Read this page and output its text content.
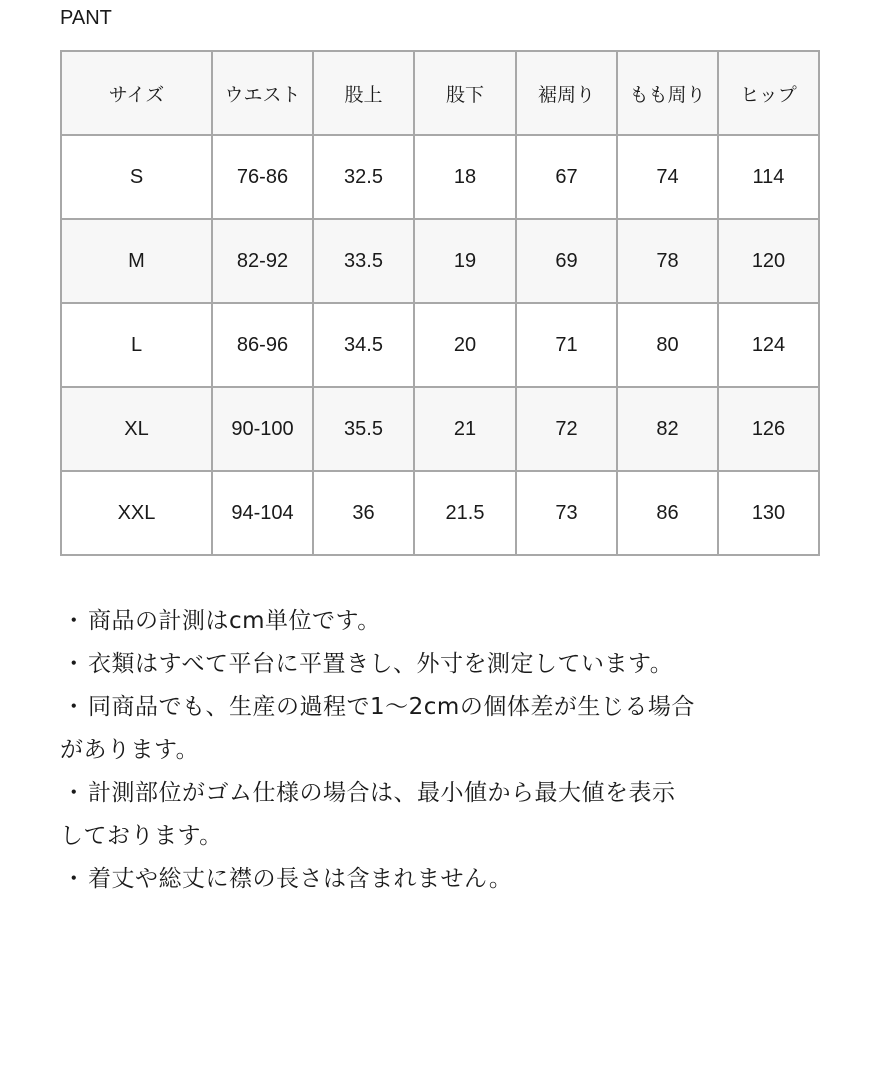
PANT
サイズ	ウエスト	股上	股下	裾周り	もも周り	ヒップ
S	76-86	32.5	18	67	74	114
M	82-92	33.5	19	69	78	120
L	86-96	34.5	20	71	80	124
XL	90-100	35.5	21	72	82	126
XXL	94-104	36	21.5	73	86	130

・商品の計測はcm単位です。

・衣類はすべて平台に平置きし、外寸を測定しています。

・同商品でも、生産の過程で1〜2cmの個体差が生じる場合

があります。

・計測部位がゴム仕様の場合は、最小値から最大値を表示

しております。

・着丈や総丈に襟の長さは含まれません。
